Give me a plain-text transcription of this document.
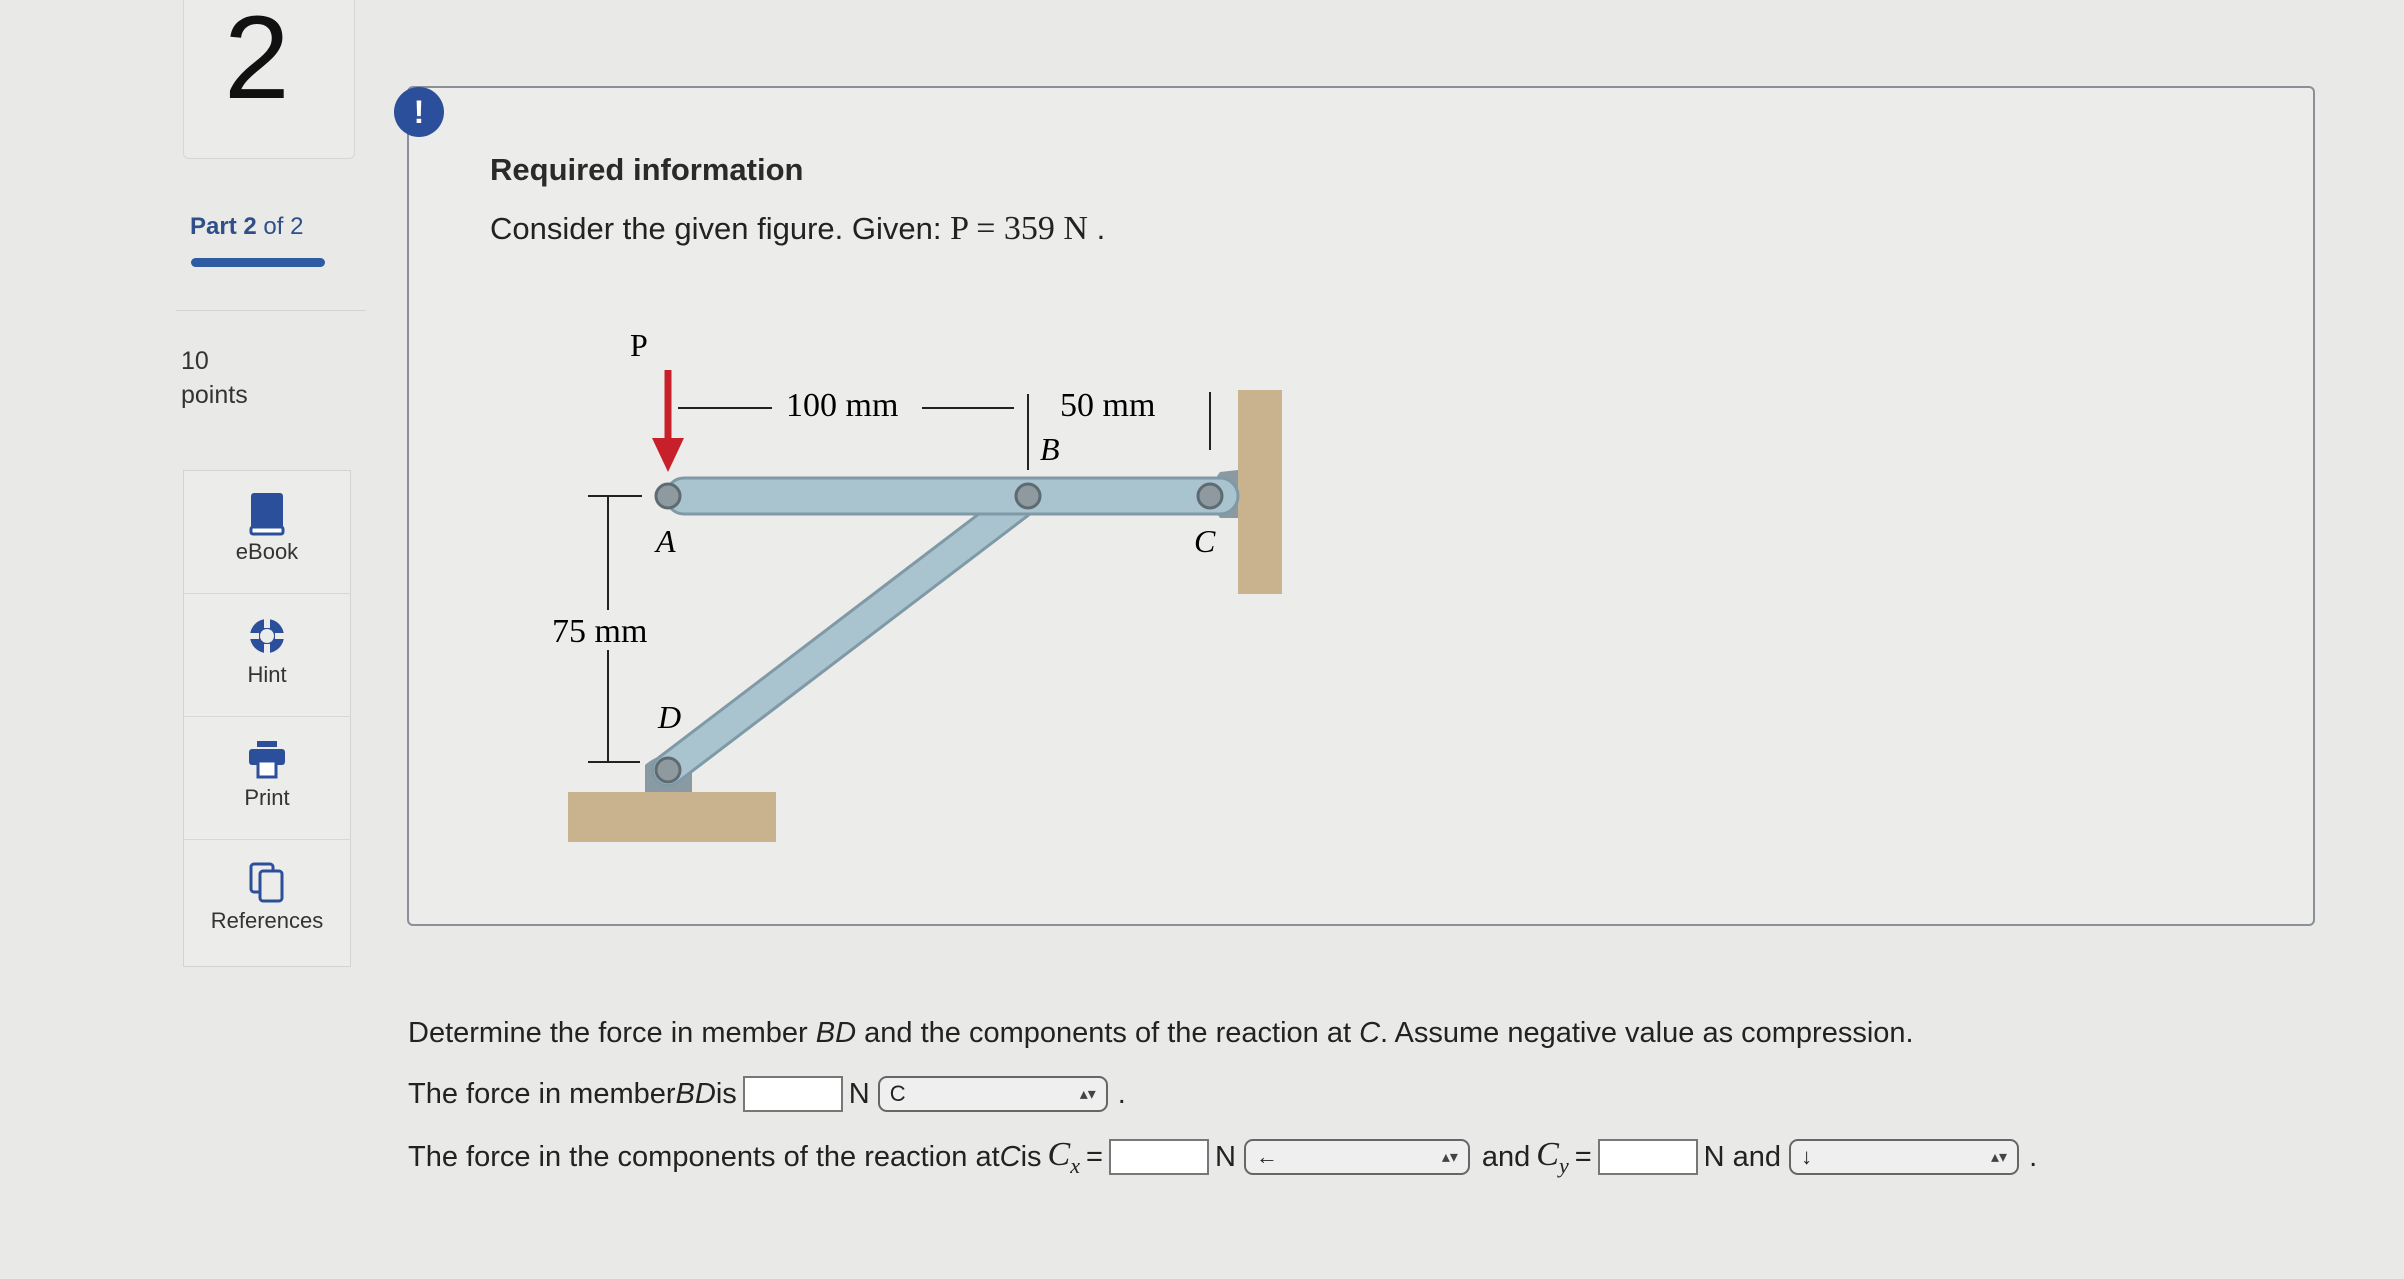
2
Part 2 of 2
10
points
eBook
Hint
Print
References
!
Required information
Consider the given figure. Given: P = 359 N .
P
100 mm	50 mm
B
A	C
D
75 mm
Determine the force in member BD and the components of the reaction at C. Assume negative value as compression.
The force in member BD is	N C	▴▾ .
The force in the components of the reaction at C is $C_x$ =	N ←	▴▾ and $C_y$ =	N and ↓	▴▾ .
